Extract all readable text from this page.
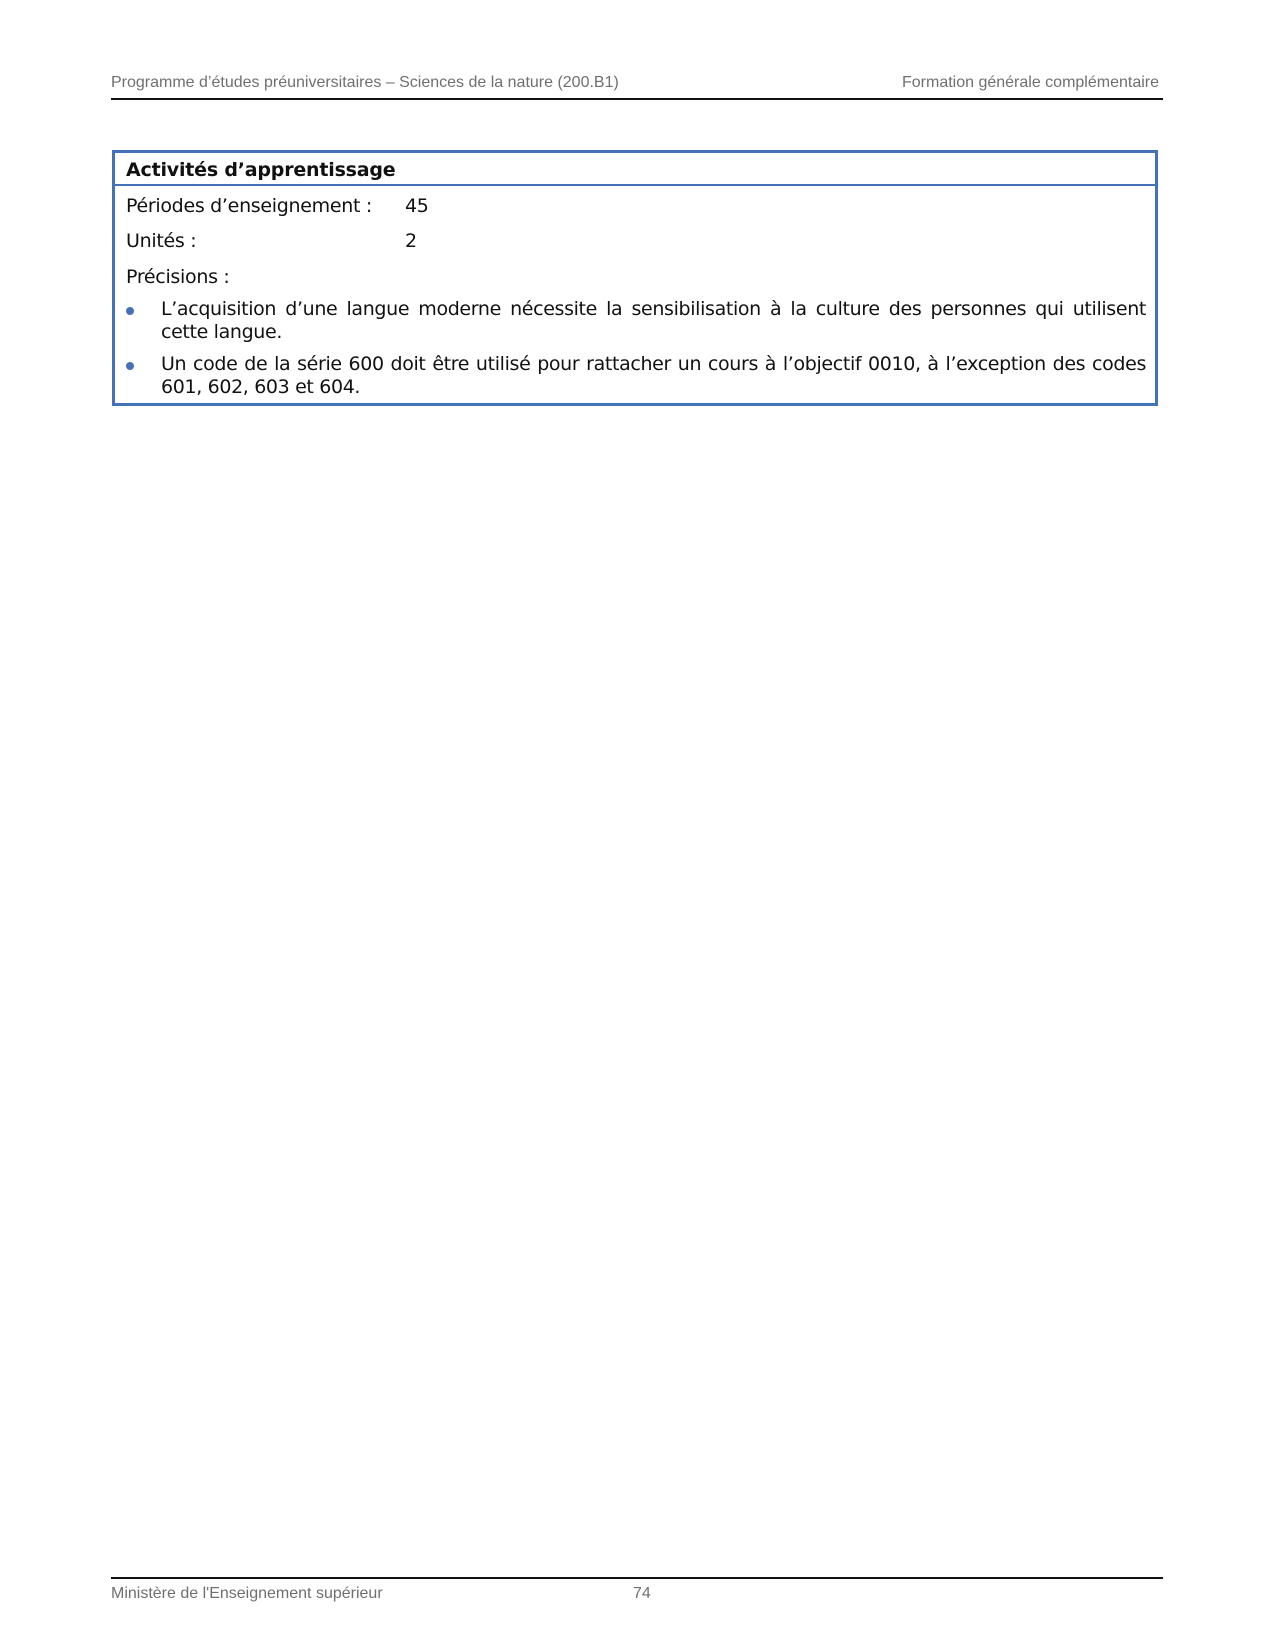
Programme d’études préuniversitaires – Sciences de la nature (200.B1)	Formation générale complémentaire
Activités d’apprentissage
Périodes d’enseignement : 45
Unités :	2
Précisions :
L’acquisition d’une langue moderne nécessite la sensibilisation à la culture des personnes qui utilisent cette langue.
Un code de la série 600 doit être utilisé pour rattacher un cours à l’objectif 0010, à l’exception des codes 601, 602, 603 et 604.
Ministère de l'Enseignement supérieur	74
